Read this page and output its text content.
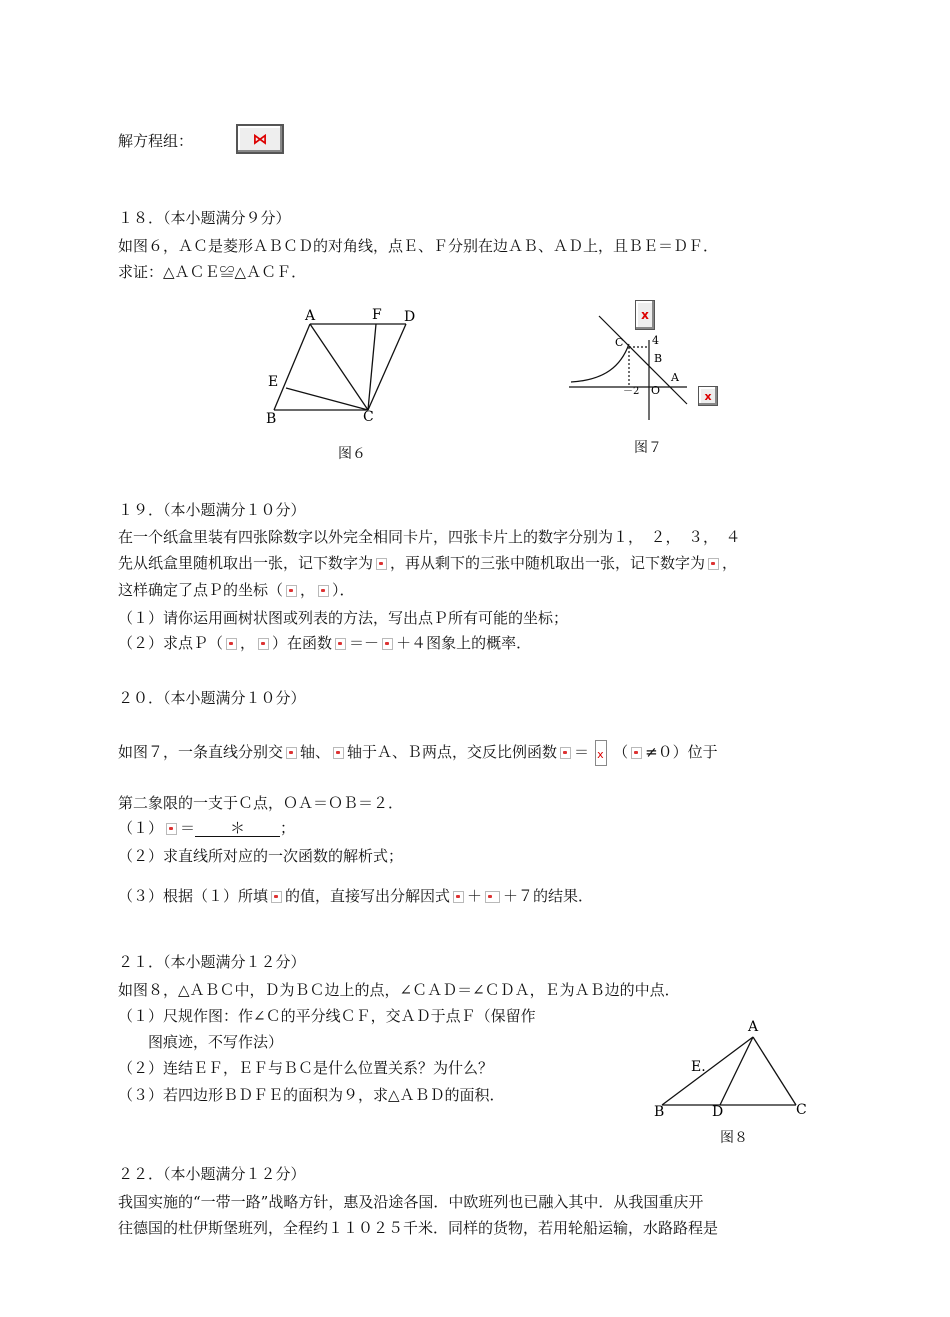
解方程组：	⋈
１８．（本小题满分９分）
如图６，ＡＣ是菱形ＡＢＣＤ的对角线，点Ｅ、Ｆ分别在边ＡＢ、ＡＤ上，且ＢＥ＝ＤＦ．
求证：△ＡＣＥ≌△ＡＣＦ．
A	F D
E
B	C
图６
x
C	4
B
A
－2 O	x
图７
１９．（本小题满分１０分）
在一个纸盒里装有四张除数字以外完全相同卡片，四张卡片上的数字分别为１，　２，　３，　４
先从纸盒里随机取出一张，记下数字为 ，再从剩下的三张中随机取出一张，记下数字为 ，
这样确定了点Ｐ的坐标（ ， ）．
（１）请你运用画树状图或列表的方法，写出点Ｐ所有可能的坐标；
（２）求点Ｐ（ ， ）在函数 ＝－ ＋４图象上的概率．
２０．（本小题满分１０分）
如图７，一条直线分别交 轴、 轴于Ａ、Ｂ两点，交反比例函数 ＝ x （ ≠０）位于
第二象限的一支于Ｃ点，ＯＡ＝ＯＢ＝２．
（１） ＝ ＊ ；
（２）求直线所对应的一次函数的解析式；
（３）根据（１）所填 的值，直接写出分解因式 ＋ ＋７的结果．
２１．（本小题满分１２分）
如图８，△ＡＢＣ中，Ｄ为ＢＣ边上的点，∠ＣＡＤ＝∠ＣＤＡ，Ｅ为ＡＢ边的中点．
（１）尺规作图：作∠Ｃ的平分线ＣＦ，交ＡＤ于点Ｆ（保留作
图痕迹，不写作法）
（２）连结ＥＦ，ＥＦ与ＢＣ是什么位置关系？为什么？
（３）若四边形ＢＤＦＥ的面积为９，求△ＡＢＤ的面积．
A
E.
B	D	C
图８
２２．（本小题满分１２分）
我国实施的“一带一路”战略方针，惠及沿途各国．中欧班列也已融入其中．从我国重庆开
往德国的杜伊斯堡班列，全程约１１０２５千米．同样的货物，若用轮船运输，水路路程是
